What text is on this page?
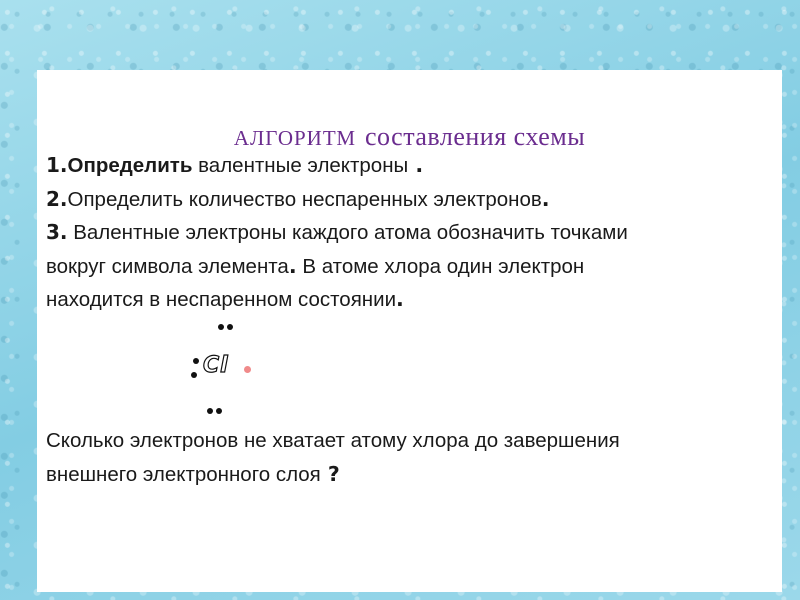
АЛГОРИТМ составления схемы

1.Определить валентные электроны .

2.Определить количество неспаренных электронов.

3. Валентные электроны каждого атома обозначить точками

вокруг символа элемента. В атоме хлора один электрон

находится в неспаренном состоянии.

Cl

Сколько электронов не хватает атому хлора до завершения

внешнего электронного слоя ?
